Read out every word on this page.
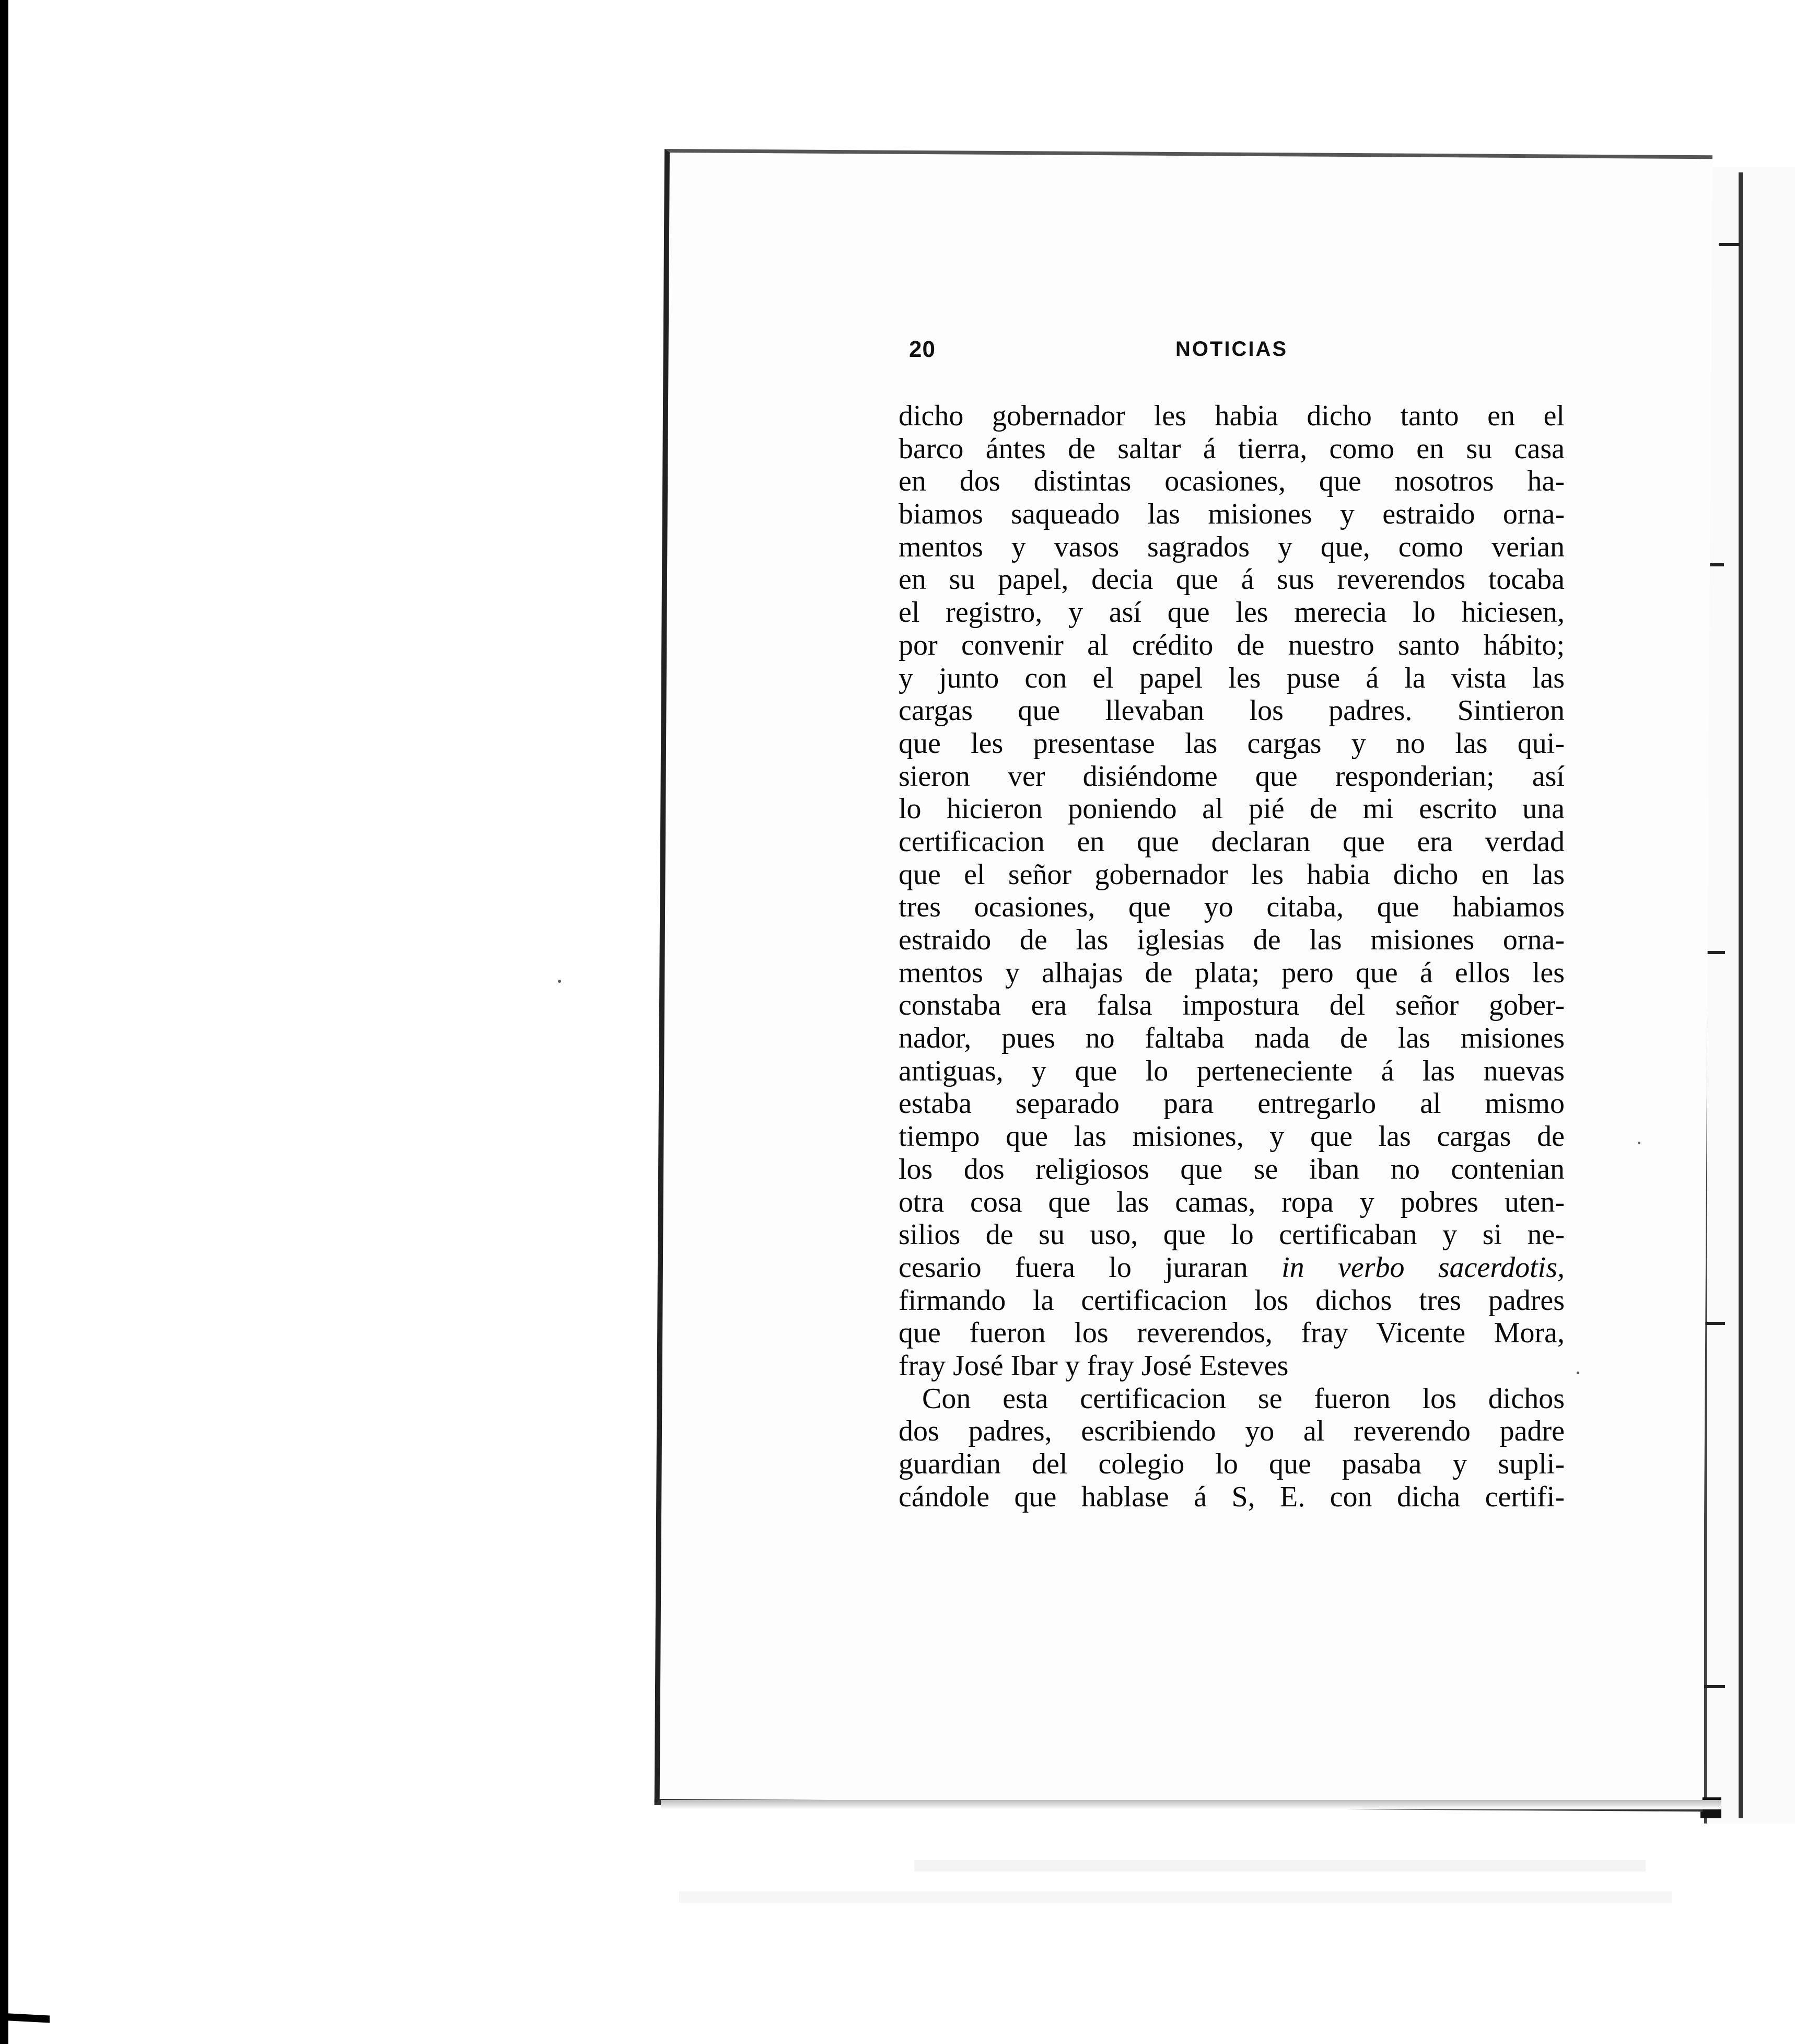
20	NOTICIAS
dicho gobernador les habia dicho tanto en el
barco ántes de saltar á tierra, como en su casa
en dos distintas ocasiones, que nosotros ha-
biamos saqueado las misiones y estraido orna-
mentos y vasos sagrados y que, como verian
en su papel, decia que á sus reverendos tocaba
el registro, y así que les merecia lo hiciesen,
por convenir al crédito de nuestro santo hábito;
y junto con el papel les puse á la vista las
cargas que llevaban los padres. Sintieron
que les presentase las cargas y no las qui-
sieron ver disiéndome que responderian; así
lo hicieron poniendo al pié de mi escrito una
certificacion en que declaran que era verdad
que el señor gobernador les habia dicho en las
tres ocasiones, que yo citaba, que habiamos
estraido de las iglesias de las misiones orna-
mentos y alhajas de plata; pero que á ellos les
constaba era falsa impostura del señor gober-
nador, pues no faltaba nada de las misiones
antiguas, y que lo perteneciente á las nuevas
estaba separado para entregarlo al mismo
tiempo que las misiones, y que las cargas de
los dos religiosos que se iban no contenian
otra cosa que las camas, ropa y pobres uten-
silios de su uso, que lo certificaban y si ne-
cesario fuera lo juraran in verbo sacerdotis,
firmando la certificacion los dichos tres padres
que fueron los reverendos, fray Vicente Mora,
fray José Ibar y fray José Esteves
Con esta certificacion se fueron los dichos
dos padres, escribiendo yo al reverendo padre
guardian del colegio lo que pasaba y supli-
cándole que hablase á S, E. con dicha certifi-
